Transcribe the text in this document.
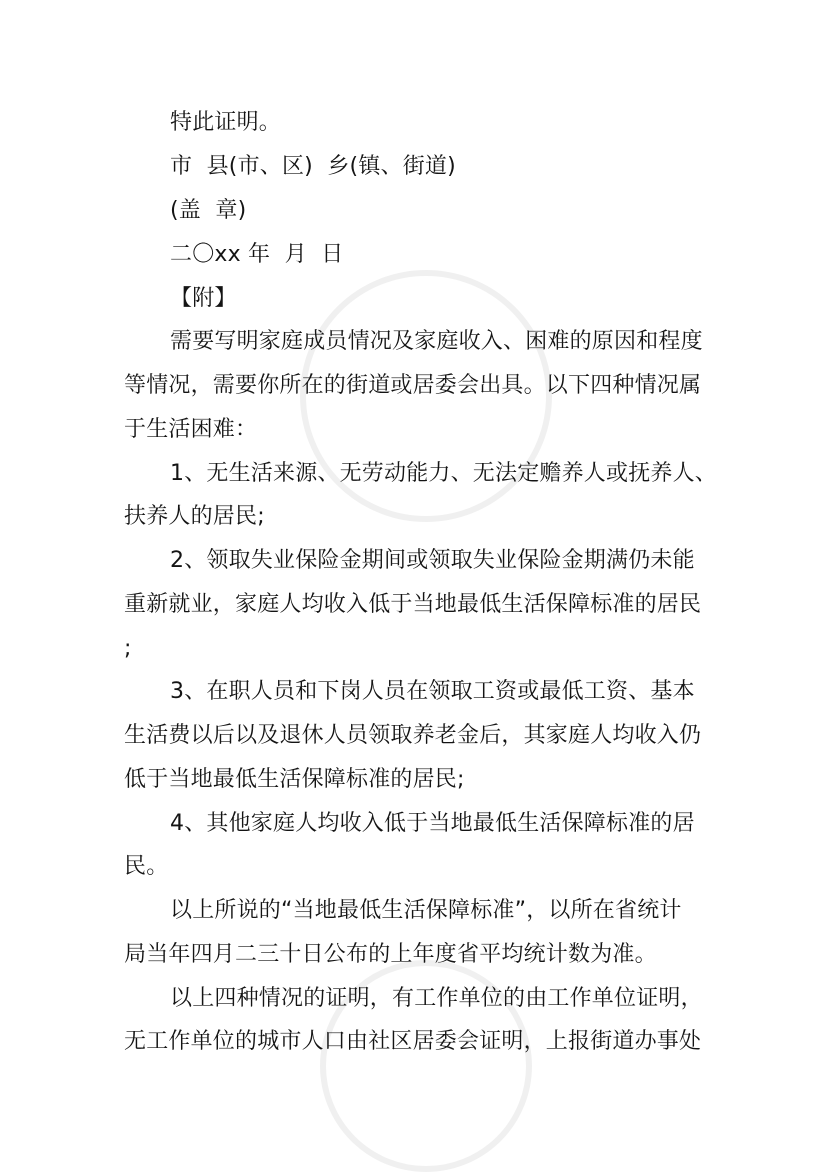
特此证明。

市  县(市、区)  乡(镇、街道)

(盖  章)

二〇xx 年  月  日

【附】

需要写明家庭成员情况及家庭收入、困难的原因和程度

等情况，需要你所在的街道或居委会出具。以下四种情况属

于生活困难：

1、无生活来源、无劳动能力、无法定赡养人或抚养人、

扶养人的居民;

2、领取失业保险金期间或领取失业保险金期满仍未能

重新就业，家庭人均收入低于当地最低生活保障标准的居民

;

3、在职人员和下岗人员在领取工资或最低工资、基本

生活费以后以及退休人员领取养老金后，其家庭人均收入仍

低于当地最低生活保障标准的居民;

4、其他家庭人均收入低于当地最低生活保障标准的居

民。

以上所说的“当地最低生活保障标准”，以所在省统计

局当年四月二三十日公布的上年度省平均统计数为准。

以上四种情况的证明，有工作单位的由工作单位证明，

无工作单位的城市人口由社区居委会证明，上报街道办事处
